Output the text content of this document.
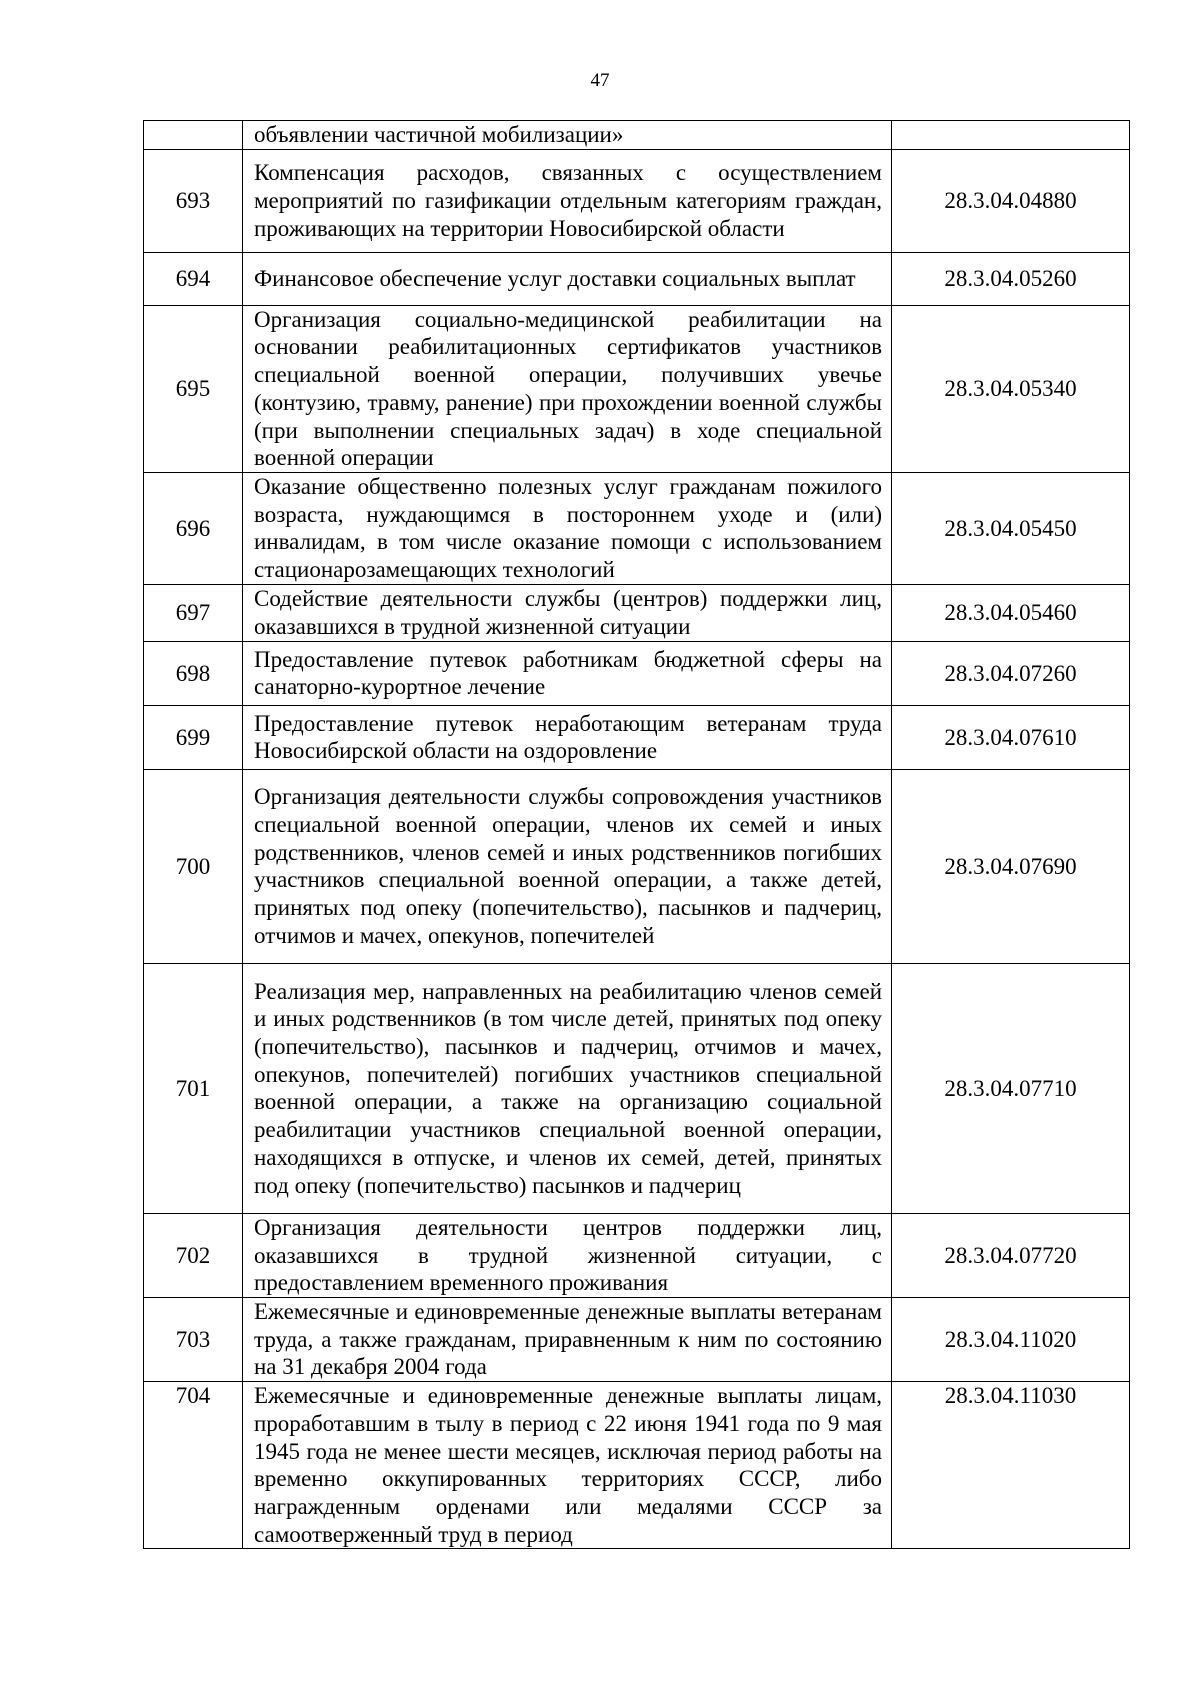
47
	объявлении частичной мобилизации»	
693	Компенсация расходов, связанных с осуществлением мероприятий по газификации отдельным категориям граждан, проживающих на территории Новосибирской области	28.3.04.04880
694	Финансовое обеспечение услуг доставки социальных выплат	28.3.04.05260
695	Организация социально-медицинской реабилитации на основании реабилитационных сертификатов участников специальной военной операции, получивших увечье (контузию, травму, ранение) при прохождении военной службы (при выполнении специальных задач) в ходе специальной военной операции	28.3.04.05340
696	Оказание общественно полезных услуг гражданам пожилого возраста, нуждающимся в постороннем уходе и (или) инвалидам, в том числе оказание помощи с использованием стационарозамещающих технологий	28.3.04.05450
697	Содействие деятельности службы (центров) поддержки лиц, оказавшихся в трудной жизненной ситуации	28.3.04.05460
698	Предоставление путевок работникам бюджетной сферы на санаторно-курортное лечение	28.3.04.07260
699	Предоставление путевок неработающим ветеранам труда Новосибирской области на оздоровление	28.3.04.07610
700	Организация деятельности службы сопровождения участников специальной военной операции, членов их семей и иных родственников, членов семей и иных родственников погибших участников специальной военной операции, а также детей, принятых под опеку (попечительство), пасынков и падчериц, отчимов и мачех, опекунов, попечителей	28.3.04.07690
701	Реализация мер, направленных на реабилитацию членов семей и иных родственников (в том числе детей, принятых под опеку (попечительство), пасынков и падчериц, отчимов и мачех, опекунов, попечителей) погибших участников специальной военной операции, а также на организацию социальной реабилитации участников специальной военной операции, находящихся в отпуске, и членов их семей, детей, принятых под опеку (попечительство) пасынков и падчериц	28.3.04.07710
702	Организация деятельности центров поддержки лиц, оказавшихся в трудной жизненной ситуации, с предоставлением временного проживания	28.3.04.07720
703	Ежемесячные и единовременные денежные выплаты ветеранам труда, а также гражданам, приравненным к ним по состоянию на 31 декабря 2004 года	28.3.04.11020
704	Ежемесячные и единовременные денежные выплаты лицам, проработавшим в тылу в период с 22 июня 1941 года по 9 мая 1945 года не менее шести месяцев, исключая период работы на временно оккупированных территориях СССР, либо награжденным орденами или медалями СССР за самоотверженный труд в период	28.3.04.11030
